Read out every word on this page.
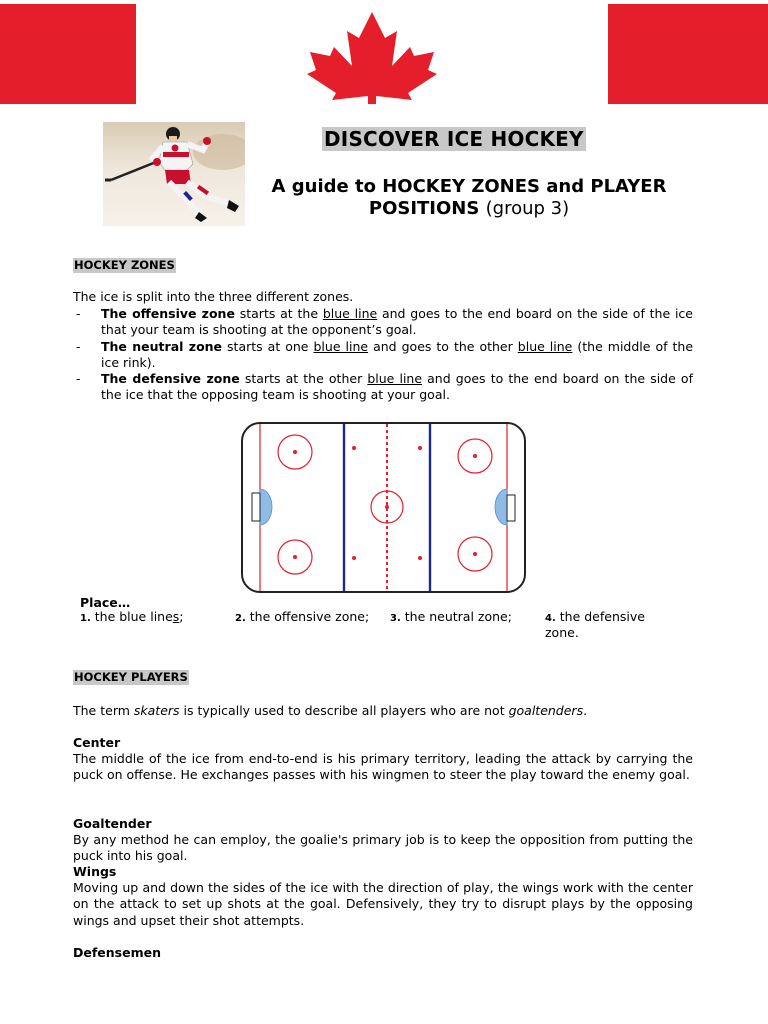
DISCOVER ICE HOCKEY
A guide to HOCKEY ZONES and PLAYER POSITIONS (group 3)
HOCKEY ZONES

The ice is split into the three different zones.

- The offensive zone starts at the blue line and goes to the end board on the side of the ice that your team is shooting at the opponent’s goal.
- The neutral zone starts at one blue line and goes to the other blue line (the middle of the ice rink).
- The defensive zone starts at the other blue line and goes to the end board on the side of the ice that the opposing team is shooting at your goal.
Place…
1. the blue lines;	2. the offensive zone; 3. the neutral zone;	4. the defensive zone.
HOCKEY PLAYERS

The term skaters is typically used to describe all players who are not goaltenders.

Center

The middle of the ice from end-to-end is his primary territory, leading the attack by carrying the puck on offense. He exchanges passes with his wingmen to steer the play toward the enemy goal.

Goaltender

By any method he can employ, the goalie's primary job is to keep the opposition from putting the puck into his goal.

Wings

Moving up and down the sides of the ice with the direction of play, the wings work with the center on the attack to set up shots at the goal. Defensively, they try to disrupt plays by the opposing wings and upset their shot attempts.

Defensemen
